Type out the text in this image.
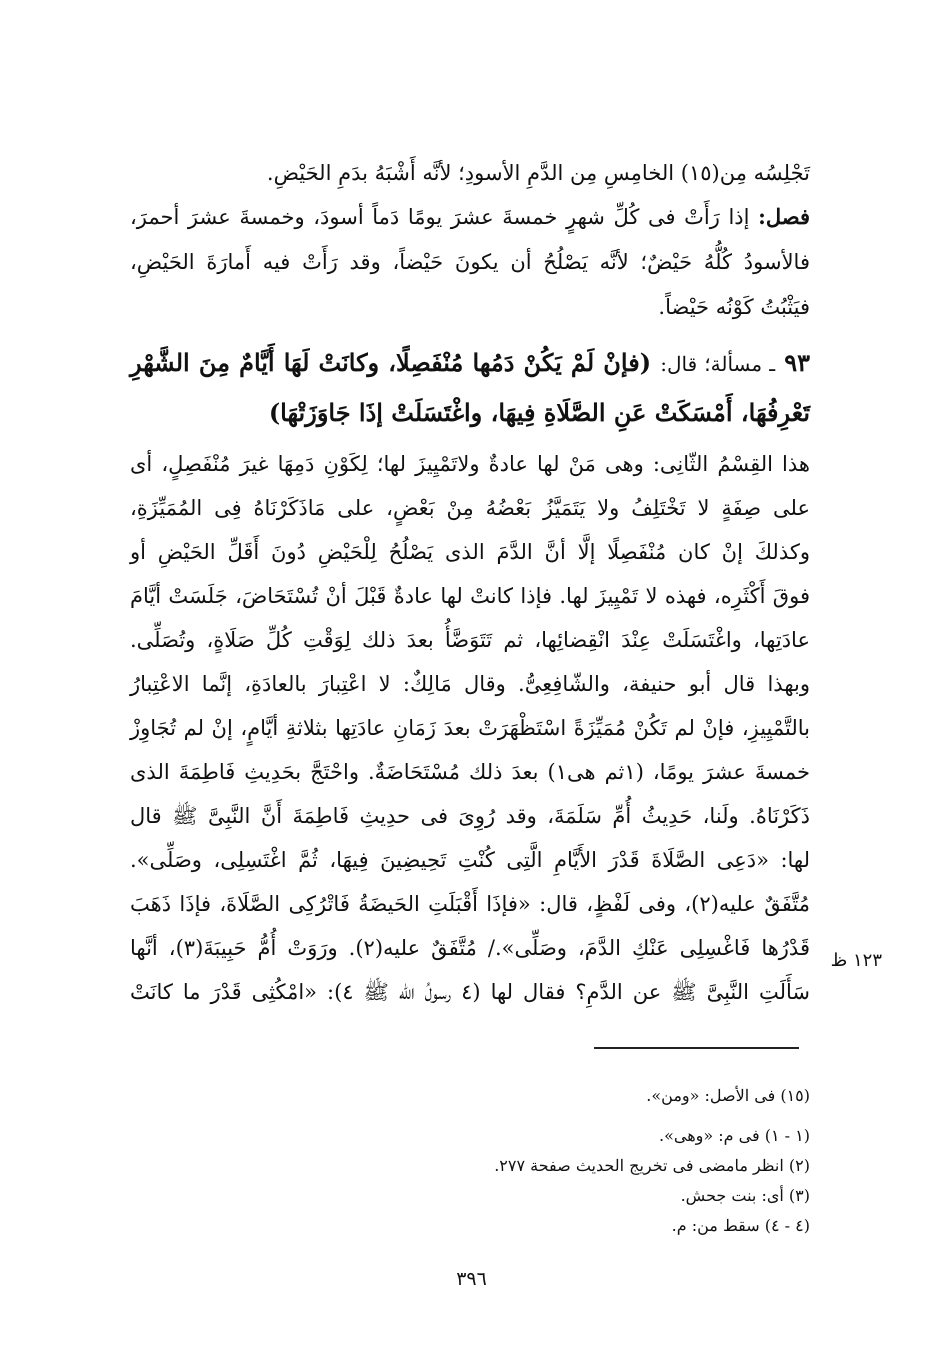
تَجْلِسُه مِن(١٥) الخامِسِ مِن الدَّمِ الأسودِ؛ لأنَّه أَشْبَهُ بدَمِ الحَيْضِ.
فصل: إذا رَأَتْ فى كُلِّ شهرٍ خمسةَ عشرَ يومًا دَماً أسودَ، وخمسةَ عشرَ أحمرَ،
فالأسودُ كُلُّهُ حَيْضٌ؛ لأنَّه يَصْلُحُ أن يكونَ حَيْضاً، وقد رَأَتْ فيه أَمارَةَ الحَيْضِ،
فيَثْبُتُ كَوْنُه حَيْضاً.
٩٣ ـ مسألة؛ قال: (فإنْ لَمْ يَكُنْ دَمُها مُنْفَصِلًا، وكانَتْ لَهَا أَيَّامٌ مِنَ الشَّهْرِ
تَعْرِفُهَا، أَمْسَكَتْ عَنِ الصَّلَاةِ فِيهَا، واغْتَسَلَتْ إذَا جَاوَزَتْهَا)
هذا القِسْمُ الثّانِى: وهى مَنْ لها عادةٌ ولاتَمْيِيزَ لها؛ لِكَوْنِ دَمِهَا غيرَ مُنْفَصِلٍ، أى
على صِفَةٍ لا تَخْتَلِفُ ولا يَتَمَيَّزُ بَعْضُهُ مِنْ بَعْضٍ، على مَاذَكَرْنَاهُ فِى المُمَيِّزَةِ،
وكذلكَ إنْ كان مُنْفَصِلًا إلَّا أنَّ الدَّمَ الذى يَصْلُحُ لِلْحَيْضِ دُونَ أَقَلِّ الحَيْضِ أو
فوقَ أَكْثَرِه، فهذه لا تَمْيِيزَ لها. فإذا كانتْ لها عادةٌ قَبْلَ أنْ تُسْتَحَاضَ، جَلَسَتْ أيَّامَ
عادَتِها، واغْتَسَلَتْ عِنْدَ انْقِضائِها، ثم تَتَوَضَّأُ بعدَ ذلك لِوَقْتِ كُلِّ صَلَاةٍ، وتُصَلِّى.
وبهذا قال أبو حنيفة، والشّافِعِىُّ. وقال مَالِكٌ: لا اعْتِبارَ بالعادَةِ، إنَّما الاعْتِبارُ
بالتَّمْيِيزِ، فإنْ لم تَكُنْ مُمَيِّزَةً اسْتَظْهَرَتْ بعدَ زَمَانِ عادَتِها بثلاثةِ أيَّامٍ، إنْ لم تُجَاوِزْ
خمسةَ عشرَ يومًا، (١ثم هى١) بعدَ ذلك مُسْتَحَاضَةٌ. واحْتَجَّ بحَدِيثِ فَاطِمَةَ الذى
ذَكَرْنَاهُ. ولَنا، حَدِيثُ أُمِّ سَلَمَةَ، وقد رُوِىَ فى حدِيثِ فَاطِمَةَ أَنَّ النَّبِىَّ ﷺ قال
لها: «دَعِى الصَّلَاةَ قَدْرَ الأَيَّامِ الَّتِى كُنْتِ تَحِيضِينَ فِيهَا، ثُمَّ اغْتَسِلِى، وصَلِّى».
مُتَّفَقٌ عليه(٢)، وفى لَفْظٍ، قال: «فإذَا أَقْبَلَتِ الحَيضَةُ فَاتْرُكِى الصَّلَاةَ، فإذَا ذَهَبَ
قَدْرُها فَاغْسِلِى عَنْكِ الدَّمَ، وصَلِّى»./ مُتَّفَقٌ عليه(٢). ورَوَتْ أُمُّ حَبِيبَةَ(٣)، أنَّها
سَأَلَتِ النَّبِىَّ ﷺ عن الدَّمِ؟ فقال لها (٤ رسولُ الله ﷺ ٤): «امْكُثِى قَدْرَ ما كانَتْ
١٢٣ ظ
(١٥) فى الأصل: «ومن».
(١ - ١) فى م: «وهى».
(٢) انظر مامضى فى تخريج الحديث صفحة ٢٧٧.
(٣) أى: بنت جحش.
(٤ - ٤) سقط من: م.
٣٩٦
